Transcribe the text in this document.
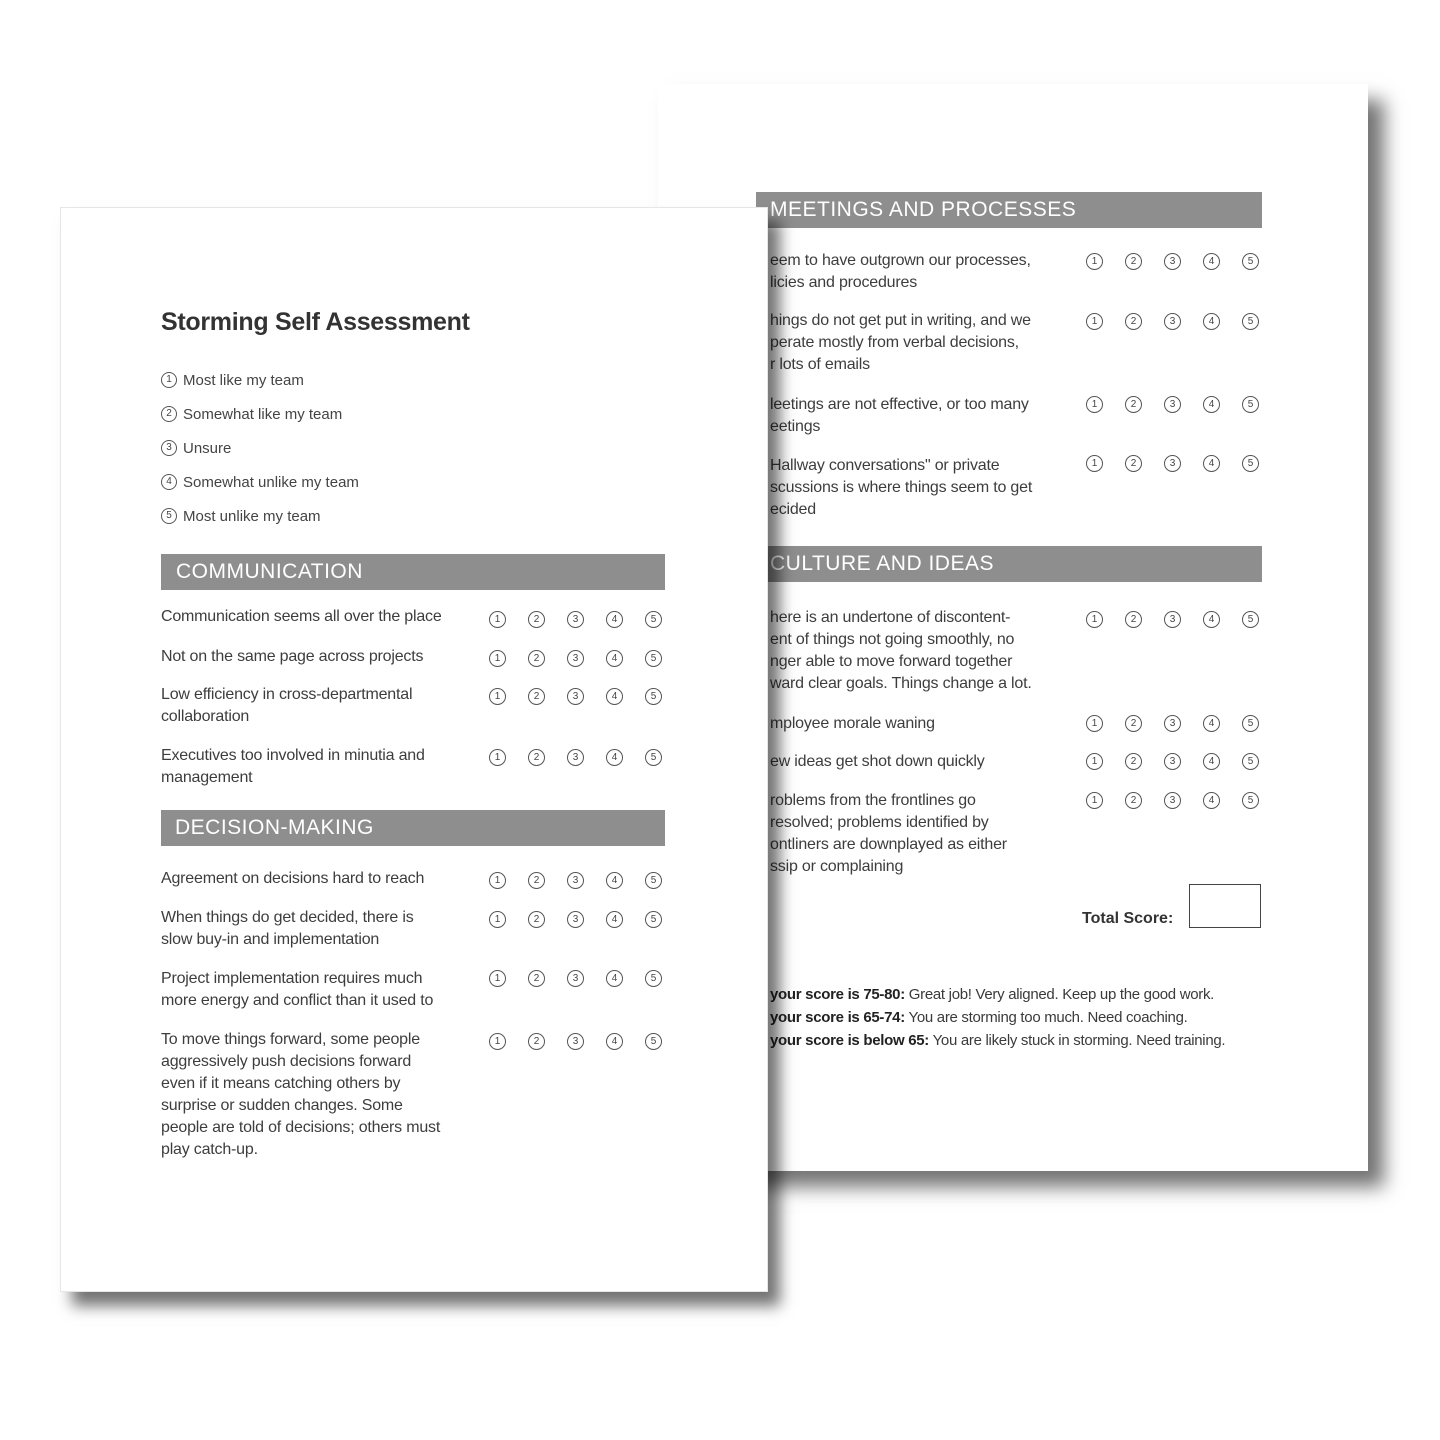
MEETINGS AND PROCESSES
eem to have outgrown our processes,
licies and procedures
1	2	3	4	5
hings do not get put in writing, and we
perate mostly from verbal decisions,
r lots of emails
1	2	3	4	5
leetings are not effective, or too many
eetings
1	2	3	4	5
Hallway conversations" or private
scussions is where things seem to get
ecided
1	2	3	4	5
CULTURE AND IDEAS
here is an undertone of discontent-
ent of things not going smoothly, no
nger able to move forward together
ward clear goals. Things change a lot.
1	2	3	4	5
mployee morale waning	1	2	3	4	5
ew ideas get shot down quickly	1	2	3	4	5
roblems from the frontlines go
resolved; problems identified by
ontliners are downplayed as either
ssip or complaining
1	2	3	4	5
Total Score:
your score is 75-80: Great job! Very aligned. Keep up the good work.
your score is 65-74: You are storming too much. Need coaching.
your score is below 65: You are likely stuck in storming. Need training.
Storming Self Assessment
1 Most like my team
2 Somewhat like my team
3 Unsure
4 Somewhat unlike my team
5 Most unlike my team
COMMUNICATION
Communication seems all over the place	1	2	3	4	5
Not on the same page across projects	1	2	3	4	5
Low efficiency in cross-departmental
collaboration
1	2	3	4	5
Executives too involved in minutia and
management
1	2	3	4	5
DECISION-MAKING
Agreement on decisions hard to reach	1	2	3	4	5
When things do get decided, there is
slow buy-in and implementation
1	2	3	4	5
Project implementation requires much
more energy and conflict than it used to
1	2	3	4	5
To move things forward, some people
aggressively push decisions forward
even if it means catching others by
surprise or sudden changes. Some
people are told of decisions; others must
play catch-up.
1	2	3	4	5
